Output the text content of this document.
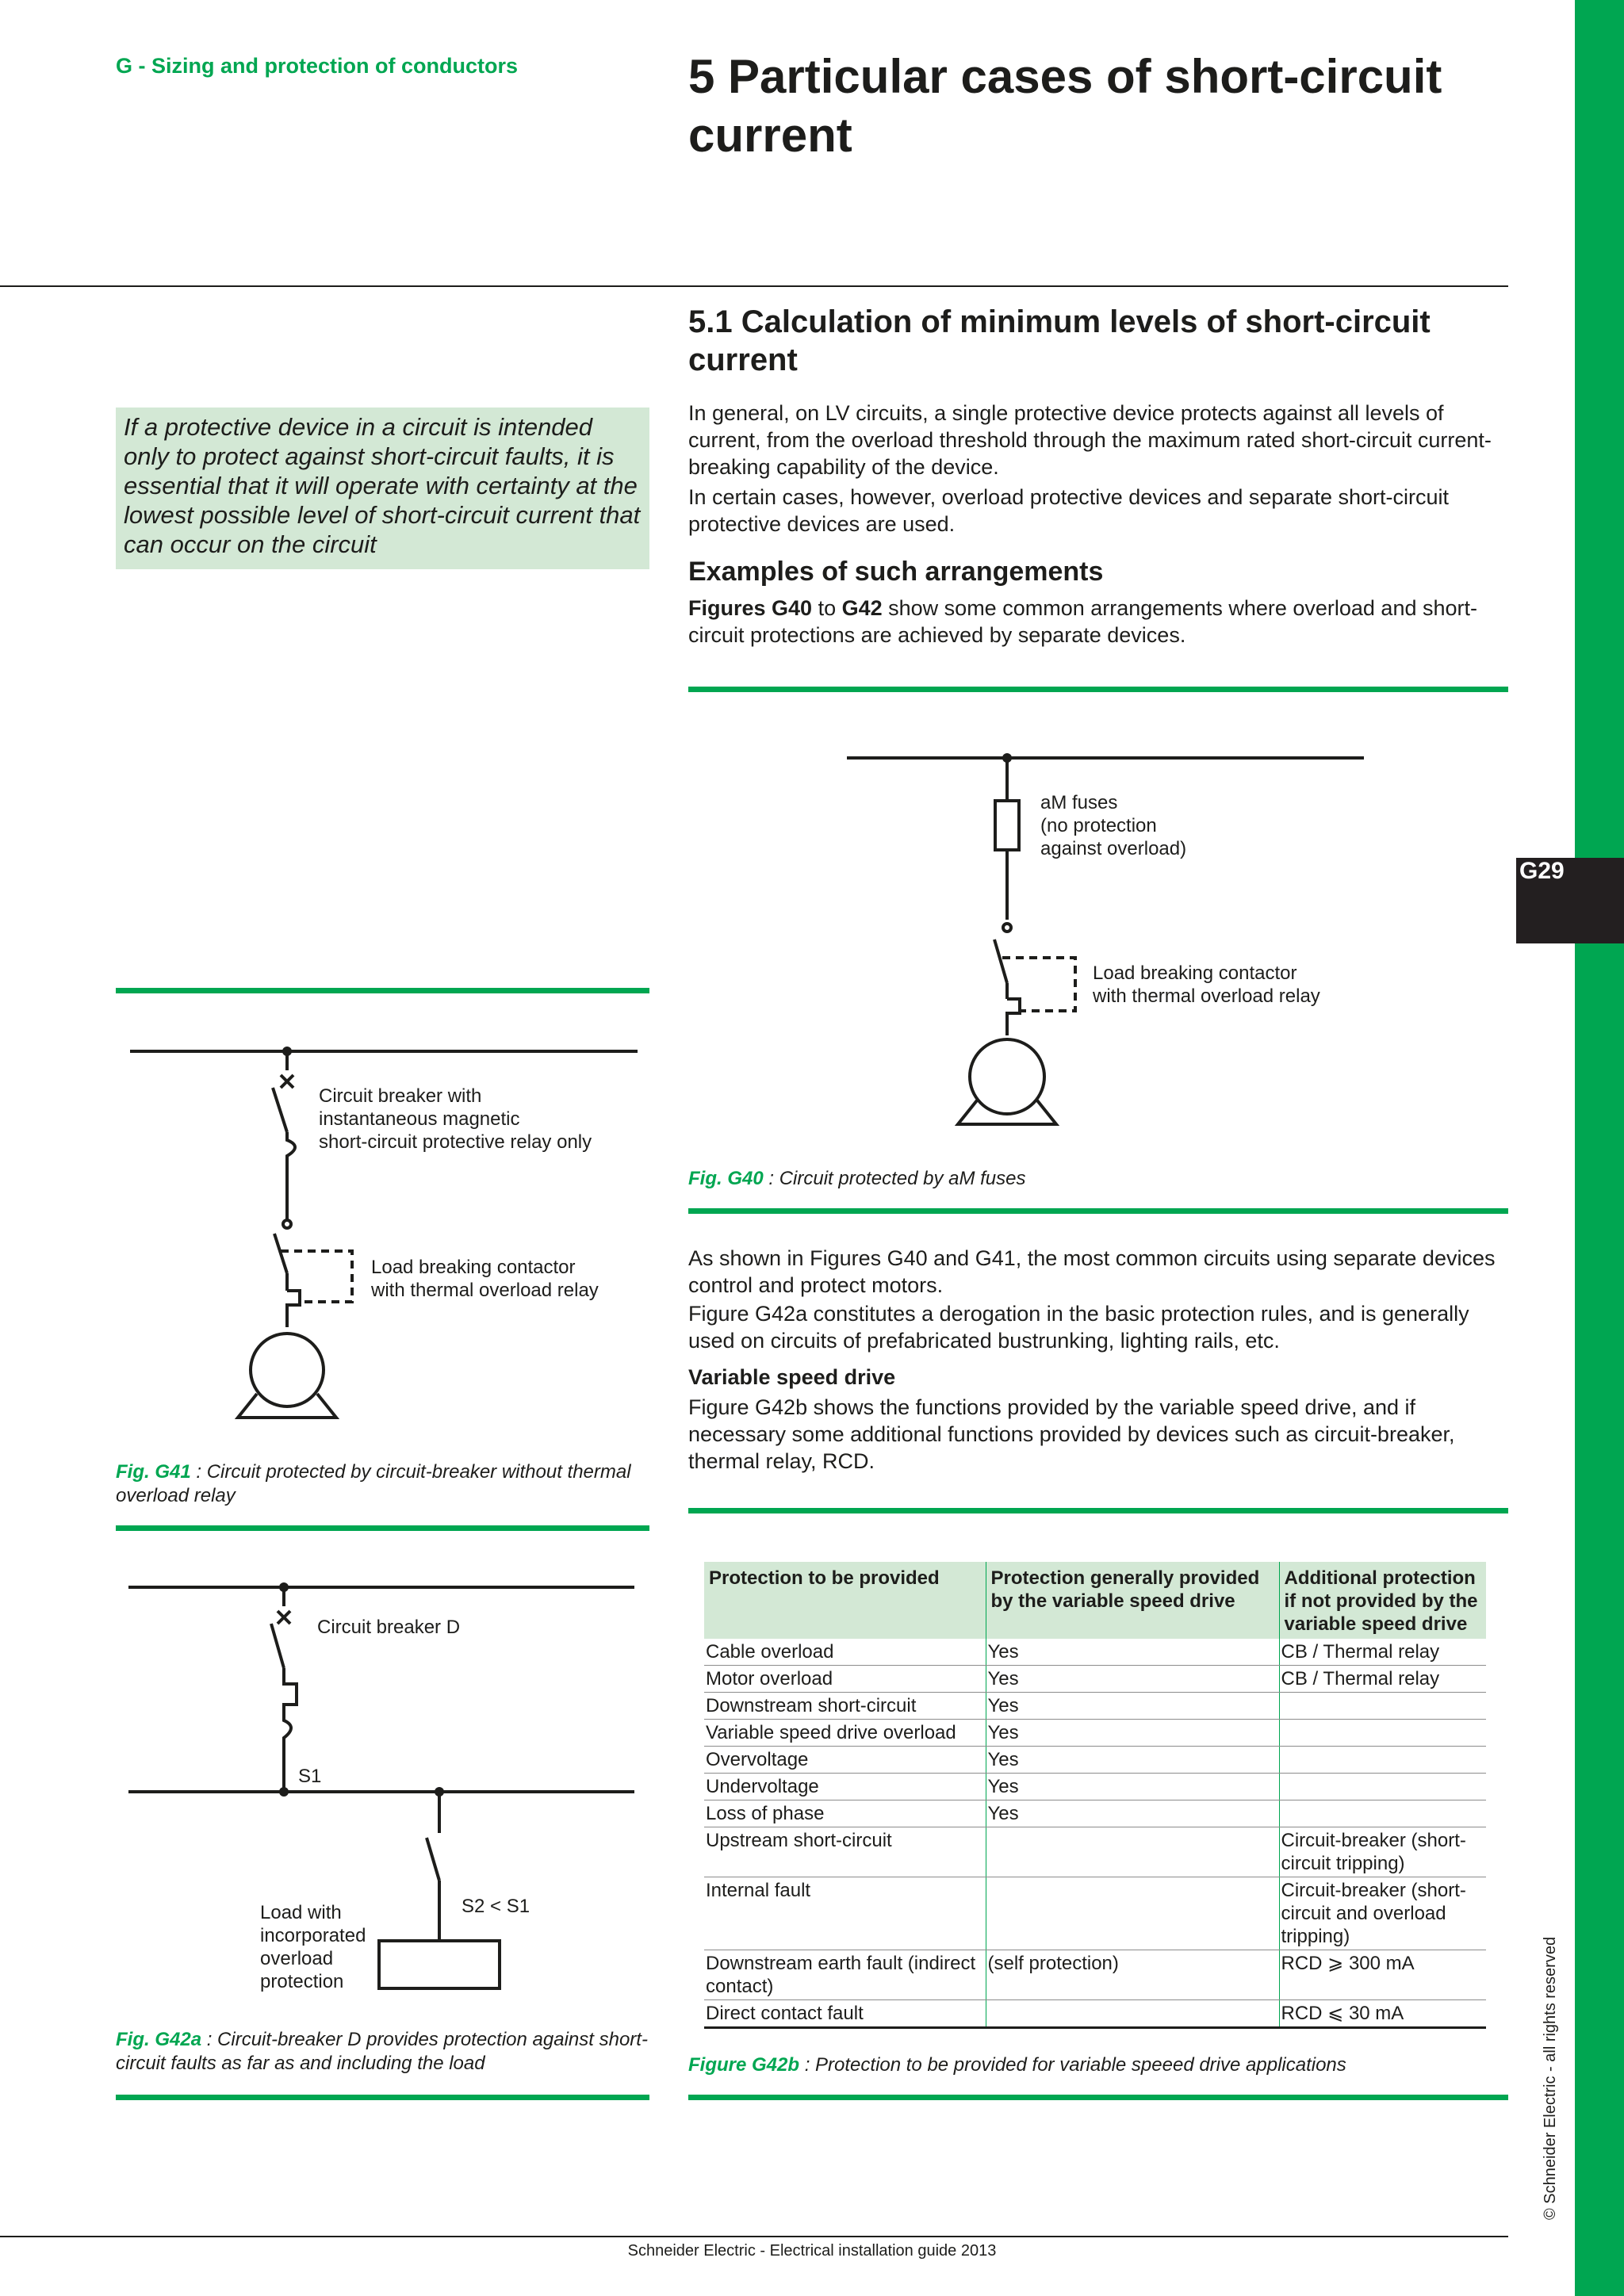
G29
© Schneider Electric - all rights reserved
G - Sizing and protection of conductors	5 Particular cases of short-circuit current
5.1 Calculation of minimum levels of short-circuit current
If a protective device in a circuit is intended only to protect against short-circuit faults, it is essential that it will operate with certainty at the lowest possible level of short-circuit current that can occur on the circuit

In general, on LV circuits, a single protective device protects against all levels of current, from the overload threshold through the maximum rated short-circuit current-breaking capability of the device.

In certain cases, however, overload protective devices and separate short-circuit protective devices are used.

Examples of such arrangements

Figures G40 to G42 show some common arrangements where overload and short-circuit protections are achieved by separate devices.

aM fuses
(no protection
against overload)
Load breaking contactor
with thermal overload relay
Fig. G40 : Circuit protected by aM fuses

As shown in Figures G40 and G41, the most common circuits using separate devices control and protect motors.

Figure G42a constitutes a derogation in the basic protection rules, and is generally used on circuits of prefabricated bustrunking, lighting rails, etc.

Variable speed drive

Figure G42b shows the functions provided by the variable speed drive, and if necessary some additional functions provided by devices such as circuit-breaker, thermal relay, RCD.

Circuit breaker with
instantaneous magnetic
short-circuit protective relay only
Load breaking contactor
with thermal overload relay
Fig. G41 : Circuit protected by circuit-breaker without thermal overload relay
Circuit breaker D
S1
S2 < S1
Load with
incorporated
overload
protection
Fig. G42a : Circuit-breaker D provides protection against short-circuit faults as far as and including the load
Protection to be provided	Protection generally provided by the variable speed drive	Additional protection if not provided by the variable speed drive
Cable overload	Yes	CB / Thermal relay
Motor overload	Yes	CB / Thermal relay
Downstream short-circuit	Yes	
Variable speed drive overload	Yes	
Overvoltage	Yes	
Undervoltage	Yes	
Loss of phase	Yes	
Upstream short-circuit		Circuit-breaker (short-circuit tripping)
Internal fault		Circuit-breaker (short-circuit and overload tripping)
Downstream earth fault (indirect contact)	(self protection)	RCD ⩾ 300 mA
Direct contact fault		RCD ⩽ 30 mA
Figure G42b : Protection to be provided for variable speeed drive applications
Schneider Electric - Electrical installation guide 2013
